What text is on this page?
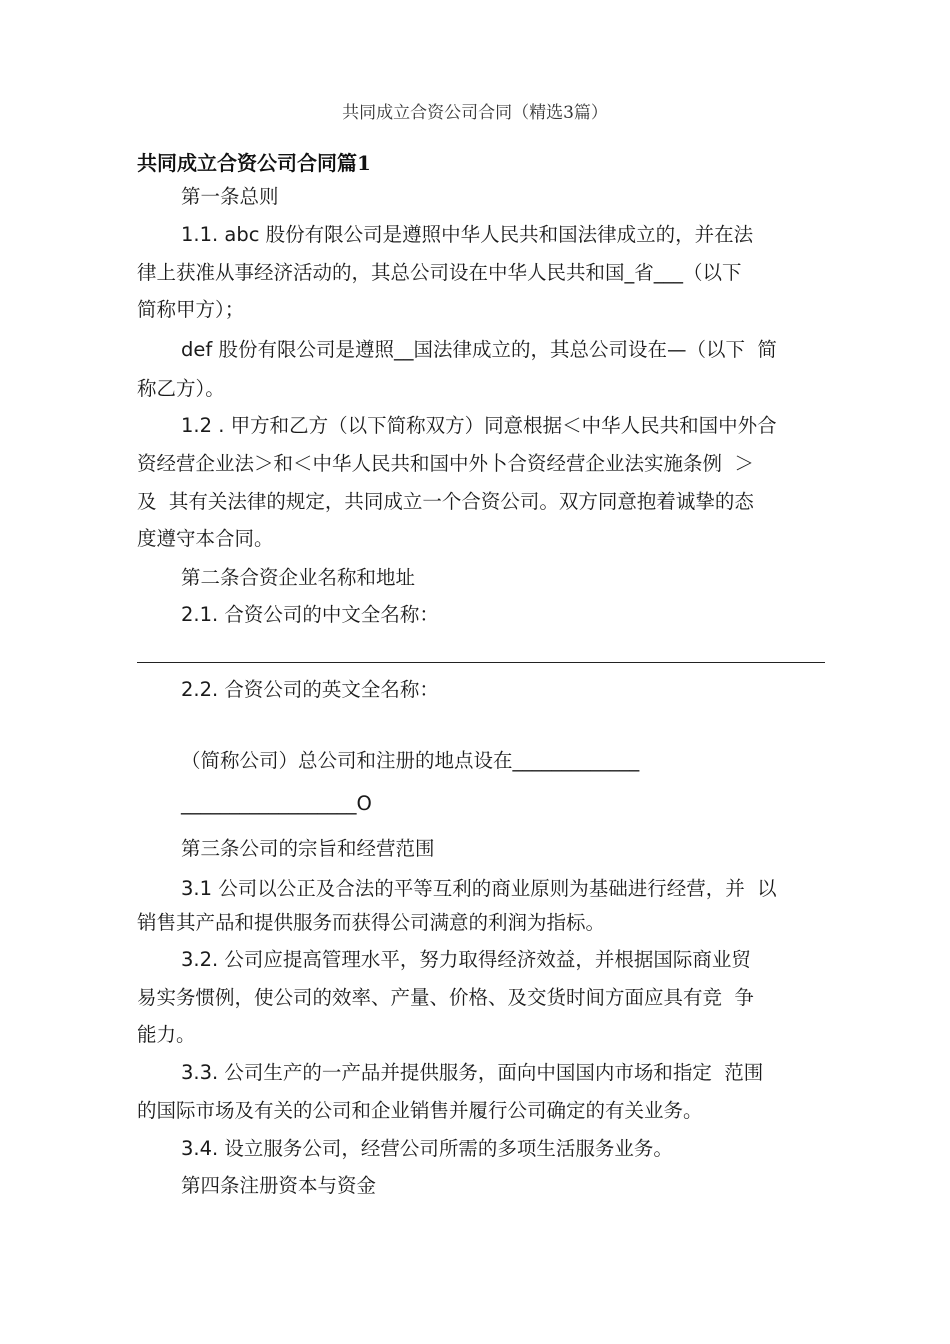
共同成立合资公司合同（精选3篇）
共同成立合资公司合同篇1
第一条总则
1.1. abc 股份有限公司是遵照中华人民共和国法律成立的，并在法
律上获准从事经济活动的，其总公司设在中华人民共和国_省___（以下
简称甲方）；
def 股份有限公司是遵照__国法律成立的，其总公司设在—（以下  简
称乙方）。
1.2 . 甲方和乙方（以下简称双方）同意根据＜中华人民共和国中外合
资经营企业法＞和＜中华人民共和国中外卜合资经营企业法实施条例  ＞
及  其有关法律的规定，共同成立一个合资公司。双方同意抱着诚挚的态
度遵守本合同。
第二条合资企业名称和地址
2.1. 合资公司的中文全名称：
2.2. 合资公司的英文全名称：
（简称公司）总公司和注册的地点设在_____________
__________________O
第三条公司的宗旨和经营范围
3.1 公司以公正及合法的平等互利的商业原则为基础进行经营，并  以
销售其产品和提供服务而获得公司满意的利润为指标。
3.2. 公司应提高管理水平，努力取得经济效益，并根据国际商业贸
易实务惯例，使公司的效率、产量、价格、及交货时间方面应具有竞  争
能力。
3.3. 公司生产的一产品并提供服务，面向中国国内市场和指定  范围
的国际市场及有关的公司和企业销售并履行公司确定的有关业务。
3.4. 设立服务公司，经营公司所需的多项生活服务业务。
第四条注册资本与资金
